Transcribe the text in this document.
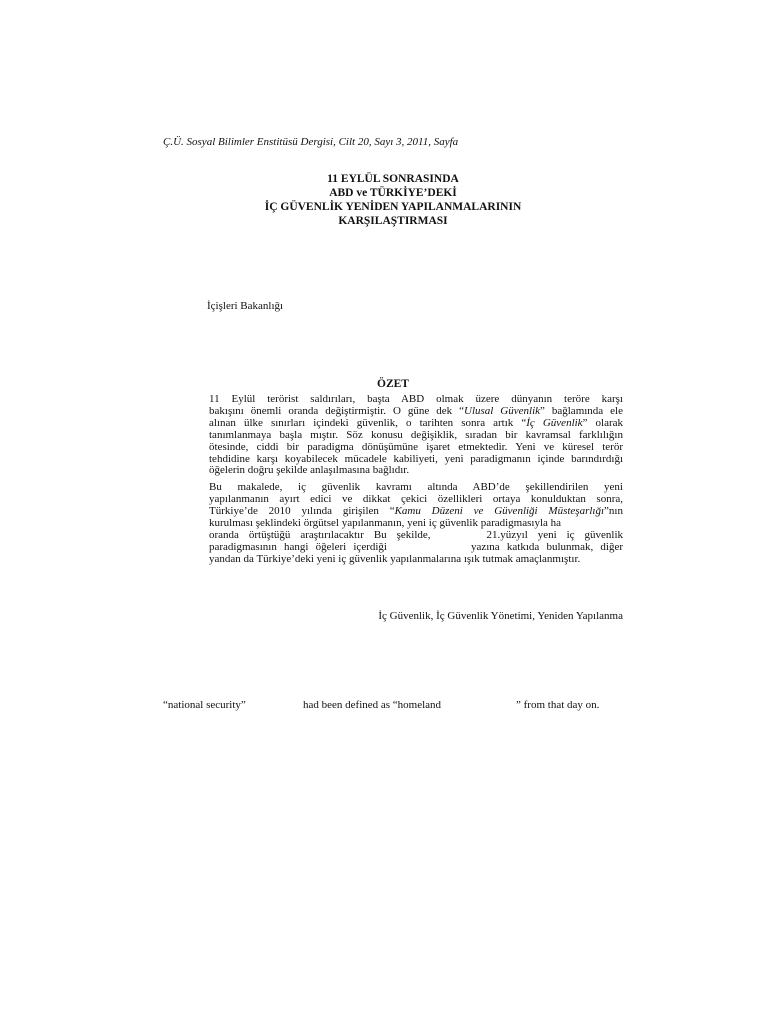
Ç.Ü. Sosyal Bilimler Enstitüsü Dergisi, Cilt 20, Sayı 3, 2011, Sayfa
11 EYLÜL SONRASINDA
ABD ve TÜRKİYE’DEKİ
İÇ GÜVENLİK YENİDEN YAPILANMALARININ
KARŞILAŞTIRMASI
İçişleri Bakanlığı
ÖZET

11 Eylül terörist saldırıları, başta ABD olmak üzere dünyanın teröre karşı
bakışını önemli oranda değiştirmiştir. O güne dek “Ulusal Güvenlik” bağlamında ele
alınan ülke sınırları içindeki güvenlik, o tarihten sonra artık “İç Güvenlik” olarak
tanımlanmaya başla mıştır. Söz konusu değişiklik, sıradan bir kavramsal farklılığın
ötesinde, ciddi bir paradigma dönüşümüne işaret etmektedir. Yeni ve küresel terör
tehdidine karşı koyabilecek mücadele kabiliyeti, yeni paradigmanın içinde barındırdığı
öğelerin doğru şekilde anlaşılmasına bağlıdır.

Bu makalede, iç güvenlik kavramı altında ABD’de şekillendirilen yeni
yapılanmanın ayırt edici ve dikkat çekici özellikleri ortaya konulduktan sonra,
Türkiye’de 2010 yılında girişilen “Kamu Düzeni ve Güvenliği Müsteşarlığı”nın
kurulması şeklindeki örgütsel yapılanmanın, yeni iç güvenlik paradigmasıyla ha
oranda örtüştüğü araştırılacaktır Bu şekilde,	21.yüzyıl yeni iç güvenlik
paradigmasının hangi öğeleri içerdiği	yazına katkıda bulunmak, diğer
yandan da Türkiye’deki yeni iç güvenlik yapılanmalarına ışık tutmak amaçlanmıştır.

İç Güvenlik, İç Güvenlik Yönetimi, Yeniden Yapılanma
“national security”	had been defined as “homeland	” from that day on.
